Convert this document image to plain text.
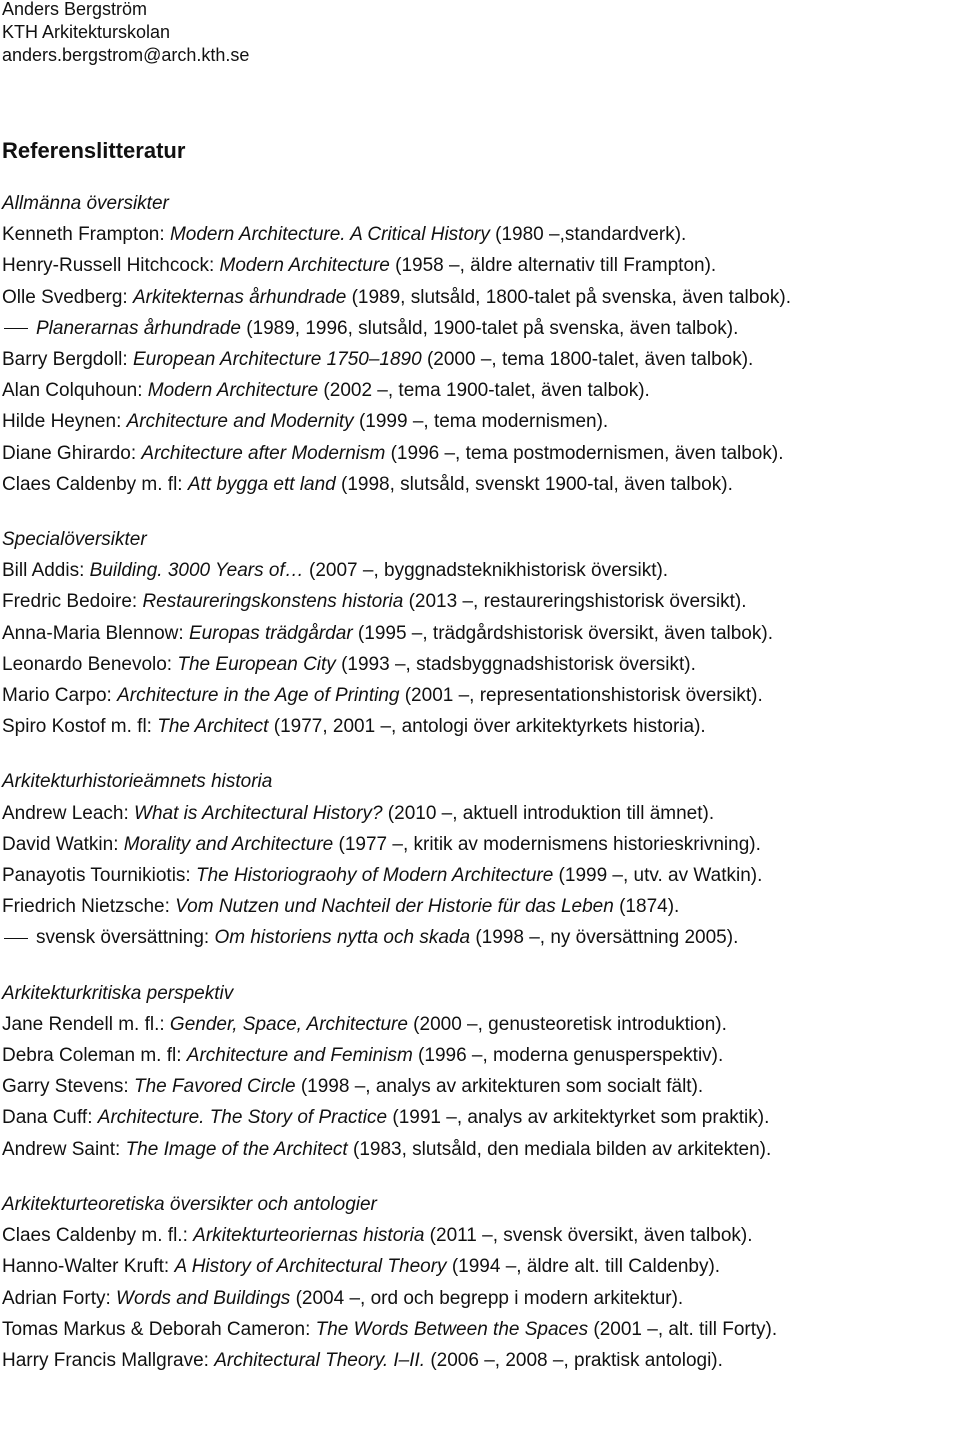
Anders Bergström
KTH Arkitekturskolan
anders.bergstrom@arch.kth.se
Referenslitteratur
Allmänna översikter
Kenneth Frampton: Modern Architecture. A Critical History (1980 –,standardverk).
Henry-Russell Hitchcock: Modern Architecture (1958 –, äldre alternativ till Frampton).
Olle Svedberg: Arkitekternas århundrade (1989, slutsåld, 1800-talet på svenska, även talbok).
Planerarnas århundrade (1989, 1996, slutsåld, 1900-talet på svenska, även talbok).
Barry Bergdoll: European Architecture 1750–1890 (2000 –, tema 1800-talet, även talbok).
Alan Colquhoun: Modern Architecture (2002 –, tema 1900-talet, även talbok).
Hilde Heynen: Architecture and Modernity (1999 –, tema modernismen).
Diane Ghirardo: Architecture after Modernism (1996 –, tema postmodernismen, även talbok).
Claes Caldenby m. fl: Att bygga ett land (1998, slutsåld, svenskt 1900-tal, även talbok).
Specialöversikter
Bill Addis: Building. 3000 Years of… (2007 –, byggnadsteknikhistorisk översikt).
Fredric Bedoire: Restaureringskonstens historia (2013 –, restaureringshistorisk översikt).
Anna-Maria Blennow: Europas trädgårdar (1995 –, trädgårdshistorisk översikt, även talbok).
Leonardo Benevolo: The European City (1993 –, stadsbyggnadshistorisk översikt).
Mario Carpo: Architecture in the Age of Printing (2001 –, representationshistorisk översikt).
Spiro Kostof m. fl: The Architect (1977, 2001 –, antologi över arkitektyrkets historia).
Arkitekturhistorieämnets historia
Andrew Leach: What is Architectural History? (2010 –, aktuell introduktion till ämnet).
David Watkin: Morality and Architecture (1977 –, kritik av modernismens historieskrivning).
Panayotis Tournikiotis: The Historiograohy of Modern Architecture (1999 –, utv. av Watkin).
Friedrich Nietzsche: Vom Nutzen und Nachteil der Historie für das Leben (1874).
svensk översättning: Om historiens nytta och skada (1998 –, ny översättning 2005).
Arkitekturkritiska perspektiv
Jane Rendell m. fl.: Gender, Space, Architecture (2000 –, genusteoretisk introduktion).
Debra Coleman m. fl: Architecture and Feminism (1996 –, moderna genusperspektiv).
Garry Stevens: The Favored Circle (1998 –, analys av arkitekturen som socialt fält).
Dana Cuff: Architecture. The Story of Practice (1991 –, analys av arkitektyrket som praktik).
Andrew Saint: The Image of the Architect (1983, slutsåld, den mediala bilden av arkitekten).
Arkitekturteoretiska översikter och antologier
Claes Caldenby m. fl.: Arkitekturteoriernas historia (2011 –, svensk översikt, även talbok).
Hanno-Walter Kruft: A History of Architectural Theory (1994 –, äldre alt. till Caldenby).
Adrian Forty: Words and Buildings (2004 –, ord och begrepp i modern arkitektur).
Tomas Markus & Deborah Cameron: The Words Between the Spaces (2001 –, alt. till Forty).
Harry Francis Mallgrave: Architectural Theory. I–II. (2006 –, 2008 –, praktisk antologi).
